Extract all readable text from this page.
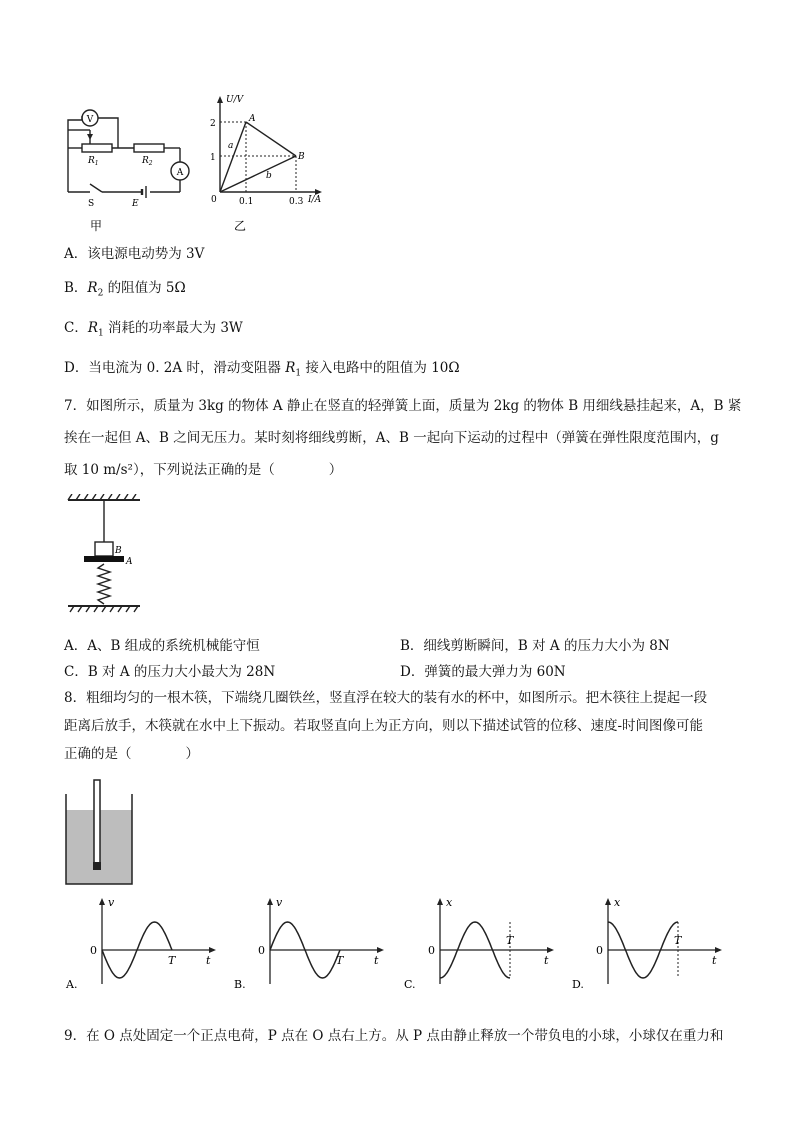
V
A
$R_1$	$R_2$
S	E
甲
U/V
I/A
2
1
0 0.1	0.3
A
B
a
b
乙
A．该电源电动势为 3V
B．$R_2$ 的阻值为 5Ω
C．$R_1$ 消耗的功率最大为 3W
D．当电流为 0. 2A 时，滑动变阻器 $R_1$ 接入电路中的阻值为 10Ω
7．如图所示，质量为 3kg 的物体 A 静止在竖直的轻弹簧上面，质量为 2kg 的物体 B 用细线悬挂起来，A，B 紧
挨在一起但 A、B 之间无压力。某时刻将细线剪断，A、B 一起向下运动的过程中（弹簧在弹性限度范围内，g
取 10 m/s²），下列说法正确的是（　　　　）
B
A
A．A、B 组成的系统机械能守恒	B．细线剪断瞬间，B 对 A 的压力大小为 8N
C．B 对 A 的压力大小最大为 28N	D．弹簧的最大弹力为 60N
8．粗细均匀的一根木筷，下端绕几圈铁丝，竖直浮在较大的装有水的杯中，如图所示。把木筷往上提起一段
距离后放手，木筷就在水中上下振动。若取竖直向上为正方向，则以下描述试管的位移、速度-时间图像可能
正确的是（　　　　）
v
0
T	t
A.
v
0
T	t
B.
x
0
T
t
C.
x
0
T
t
D.
9．在 O 点处固定一个正点电荷，P 点在 O 点右上方。从 P 点由静止释放一个带负电的小球，小球仅在重力和
